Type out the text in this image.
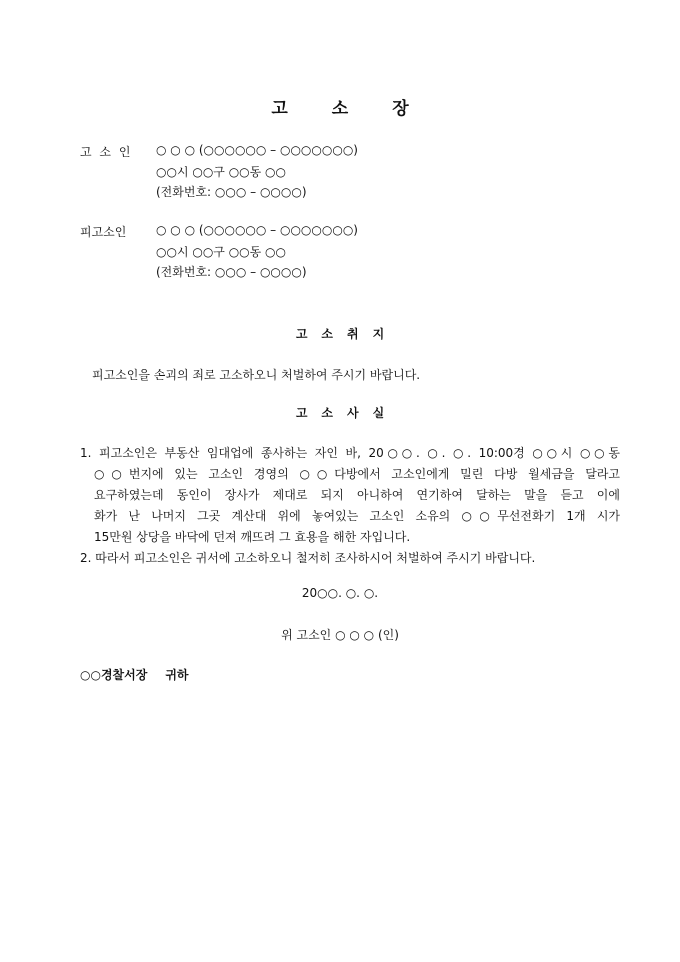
고	소	장
고 소 인	○ ○ ○ (○○○○○○ – ○○○○○○○)
○○시 ○○구 ○○동 ○○
(전화번호: ○○○ – ○○○○)
피고소인	○ ○ ○ (○○○○○○ – ○○○○○○○)
○○시 ○○구 ○○동 ○○
(전화번호: ○○○ – ○○○○)
고 소 취 지
피고소인을 손괴의 죄로 고소하오니 처벌하여 주시기 바랍니다.
고 소 사 실
1. 피고소인은 부동산 임대업에 종사하는 자인 바, 20○○. ○. ○. 10:00경 ○○시 ○○동
○○번지에 있는 고소인 경영의 ○○다방에서 고소인에게 밀린 다방 월세금을 달라고
요구하였는데 동인이 장사가 제대로 되지 아니하여 연기하여 달하는 말을 듣고 이에
화가 난 나머지 그곳 계산대 위에 놓여있는 고소인 소유의 ○○무선전화기 1개 시가
15만원 상당을 바닥에 던져 깨뜨려 그 효용을 해한 자입니다.
2. 따라서 피고소인은 귀서에 고소하오니 철저히 조사하시어 처벌하여 주시기 바랍니다.
20○○. ○. ○.
위 고소인 ○ ○ ○ (인)
○○경찰서장 귀하
